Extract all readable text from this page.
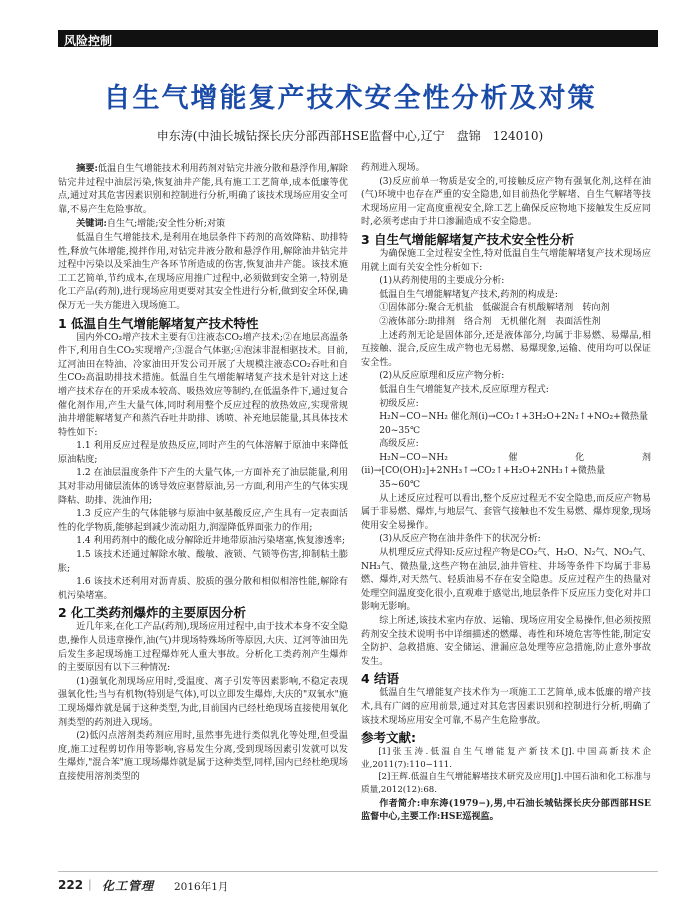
风险控制
自生气增能复产技术安全性分析及对策
申东涛(中油长城钻探长庆分部西部HSE监督中心,辽宁　盘锦　124010)

摘要:低温自生气增能技术利用药剂对钻完井液分散和悬浮作用,解除钻完井过程中油层污染,恢复油井产能,具有施工工艺简单,成本低廉等优点,通过对其危害因素识别和控制进行分析,明确了该技术现场应用安全可靠,不易产生危险事故。

关键词:自生气;增能;安全性分析;对策

低温自生气增能技术,是利用在地层条件下药剂的高效降粘、助排特性,释放气体增能,搅拌作用,对钻完井液分散和悬浮作用,解除油井钻完井过程中污染以及采油生产各环节所造成的伤害,恢复油井产能。该技术施工工艺简单,节约成本,在现场应用推广过程中,必须做到安全第一,特别是化工产品(药剂),进行现场应用更要对其安全性进行分析,做到安全环保,确保万无一失方能进入现场施工。

1 低温自生气增能解堵复产技术特性

国内外CO₂增产技术主要有①注液态CO₂增产技术;②在地层高温条件下,利用自生CO₂实现增产;③混合气体驱;④泡沫非混相驱技术。目前,辽河油田在特油、冷家油田开发公司开展了大规模注液态CO₂吞吐和自生CO₂高温助排技术措施。低温自生气增能解堵复产技术是针对这上述增产技术存在的开采成本较高、吸热效应等制约,在低温条件下,通过复合催化剂作用,产生大量气体,同时利用整个反应过程的放热效应,实现常规油井增能解堵复产和蒸汽吞吐井助排、诱喷、补充地层能量,其具体技术特性如下:

1.1 利用反应过程是放热反应,同时产生的气体溶解于原油中来降低原油粘度;

1.2 在油层温度条件下产生的大量气体,一方面补充了油层能量,利用其对非动用储层流体的诱导效应驱替原油,另一方面,利用产生的气体实现降粘、助排、洗油作用;

1.3 反应产生的气体能够与原油中氨基酸反应,产生具有一定表面活性的化学物质,能够起到减少流动阻力,润湿降低界面张力的作用;

1.4 利用药剂中的酸化成分解除近井地带原油污染堵塞,恢复渗透率;

1.5 该技术还通过解除水敏、酸敏、液锁、气锁等伤害,抑制粘土膨胀;

1.6 该技术还利用对沥青质、胶质的强分散和相似相溶性能,解除有机污染堵塞。

2 化工类药剂爆炸的主要原因分析

近几年来,在化工产品(药剂),现场应用过程中,由于技术本身不安全隐患,操作人员违章操作,油(气)井现场特殊场所等原因,大庆、辽河等油田先后发生多起现场施工过程爆炸死人重大事故。分析化工类药剂产生爆炸的主要原因有以下三种情况:

(1)强氧化剂现场应用时,受温度、离子引发等因素影响,不稳定表现强氧化性;当与有机物(特别是气体),可以立即发生爆炸,大庆的"双氧水"施工现场爆炸就是属于这种类型,为此,目前国内已经杜绝现场直接使用氧化剂类型的药剂进入现场。

(2)低闪点溶剂类药剂应用时,虽然事先进行类似乳化等处理,但受温度,施工过程剪切作用等影响,容易发生分离,受到现场因素引发就可以发生爆炸,"混合苯"施工现场爆炸就是属于这种类型,同样,国内已经杜绝现场直接使用溶剂类型的

药剂进入现场。

(3)反应前单一物质是安全的,可接触反应产物有强氧化剂,这样在油(气)环境中也存在严重的安全隐患,如目前热化学解堵、自生气解堵等技术现场应用一定高度重视安全,除工艺上确保反应物地下接触发生反应同时,必须考虑由于井口渗漏造成不安全隐患。

3 自生气增能解堵复产技术安全性分析

为确保施工全过程安全性,特对低温自生气增能解堵复产技术现场应用就上面有关安全性分析如下:

(1)从药剂使用的主要成分分析:

低温自生气增能解堵复产技术,药剂的构成是:

①固体部分:聚合无机盐　低碳混合有机酸解堵剂　转向剂

②液体部分:助排剂　络合剂　无机催化剂　表面活性剂

上述药剂无论是固体部分,还是液体部分,均属于非易燃、易爆品,相互接触、混合,反应生成产物也无易燃、易爆现象,运输、使用均可以保证安全性。

(2)从反应原理和反应产物分析:

低温自生气增能复产技术,反应原理方程式:

初级反应:

H₂N−CO−NH₂ 催化剂(ⅰ)→CO₂↑+3H₂O+2N₂↑+NO₂+微热量

20~35℃

高级反应:

H₂N−CO−NH₂ 催化剂(ⅱ)→[CO(OH)₂]+2NH₃↑→CO₂↑+H₂O+2NH₃↑+微热量

35~60℃

从上述反应过程可以看出,整个反应过程无不安全隐患,而反应产物易属于非易燃、爆炸,与地层气、套管气接触也不发生易燃、爆炸现象,现场使用安全易操作。

(3)从反应产物在油井条件下的状况分析:

从机理反应式得知:反应过程产物是CO₂气、H₂O、N₂气、NO₂气、NH₃气、微热量,这些产物在油层,油井管柱、井场等条件下均属于非易燃、爆炸,对天然气、轻质油易不存在安全隐患。反应过程产生的热量对处理空间温度变化很小,直观难于感觉出,地层条件下反应压力变化对井口影响无影响。

综上所述,该技术室内存放、运输、现场应用安全易操作,但必须按照药剂安全技术说明书中详细描述的燃爆、毒性和环境危害等性能,制定安全防护、急救措施、安全储运、泄漏应急处理等应急措施,防止意外事故发生。

4 结语

低温自生气增能复产技术作为一项施工工艺简单,成本低廉的增产技术,具有广阔的应用前景,通过对其危害因素识别和控制进行分析,明确了该技术现场应用安全可靠,不易产生危险事故。

参考文献:

[1]张玉涛.低温自生气增能复产新技术[J].中国高新技术企业,2011(7):110−111.

[2]王辉.低温自生气增能解堵技术研究及应用[J].中国石油和化工标准与质量,2012(12):68.

作者简介:申东涛(1979−),男,中石油长城钻探长庆分部西部HSE监督中心,主要工作:HSE巡视监。

222 | 化工管理 2016年1月
